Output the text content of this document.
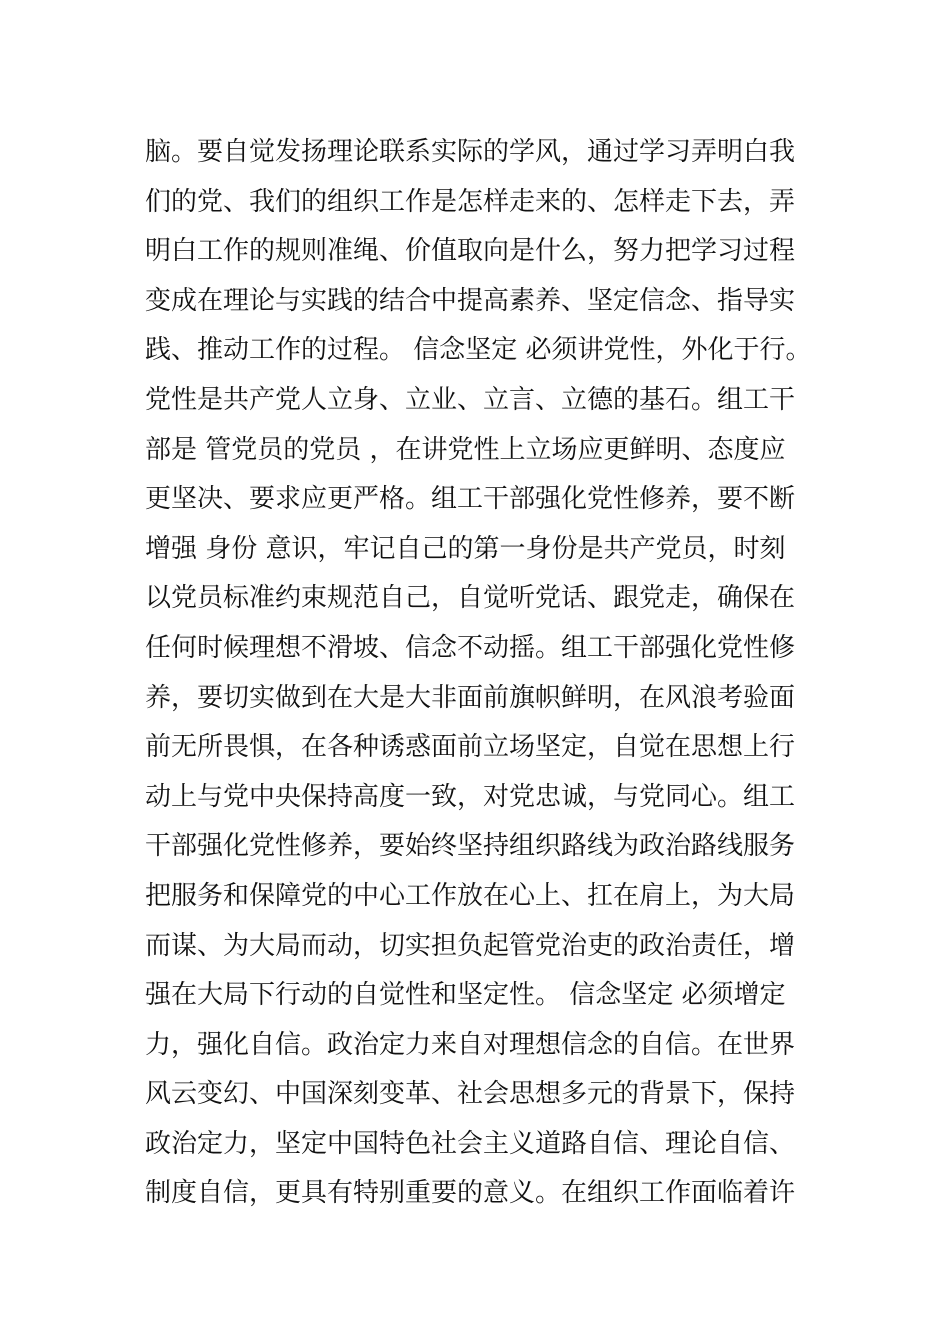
脑。要自觉发扬理论联系实际的学风，通过学习弄明白我
们的党、我们的组织工作是怎样走来的、怎样走下去，弄
明白工作的规则准绳、价值取向是什么，努力把学习过程
变成在理论与实践的结合中提高素养、坚定信念、指导实
践、推动工作的过程。 信念坚定 必须讲党性，外化于行。
党性是共产党人立身、立业、立言、立德的基石。组工干
部是 管党员的党员 ，在讲党性上立场应更鲜明、态度应
更坚决、要求应更严格。组工干部强化党性修养，要不断
增强 身份 意识，牢记自己的第一身份是共产党员，时刻
以党员标准约束规范自己，自觉听党话、跟党走，确保在
任何时候理想不滑坡、信念不动摇。组工干部强化党性修
养，要切实做到在大是大非面前旗帜鲜明，在风浪考验面
前无所畏惧，在各种诱惑面前立场坚定，自觉在思想上行
动上与党中央保持高度一致，对党忠诚，与党同心。组工
干部强化党性修养，要始终坚持组织路线为政治路线服务
把服务和保障党的中心工作放在心上、扛在肩上，为大局
而谋、为大局而动，切实担负起管党治吏的政治责任，增
强在大局下行动的自觉性和坚定性。 信念坚定 必须增定
力，强化自信。政治定力来自对理想信念的自信。在世界
风云变幻、中国深刻变革、社会思想多元的背景下，保持
政治定力，坚定中国特色社会主义道路自信、理论自信、
制度自信，更具有特别重要的意义。在组织工作面临着许
